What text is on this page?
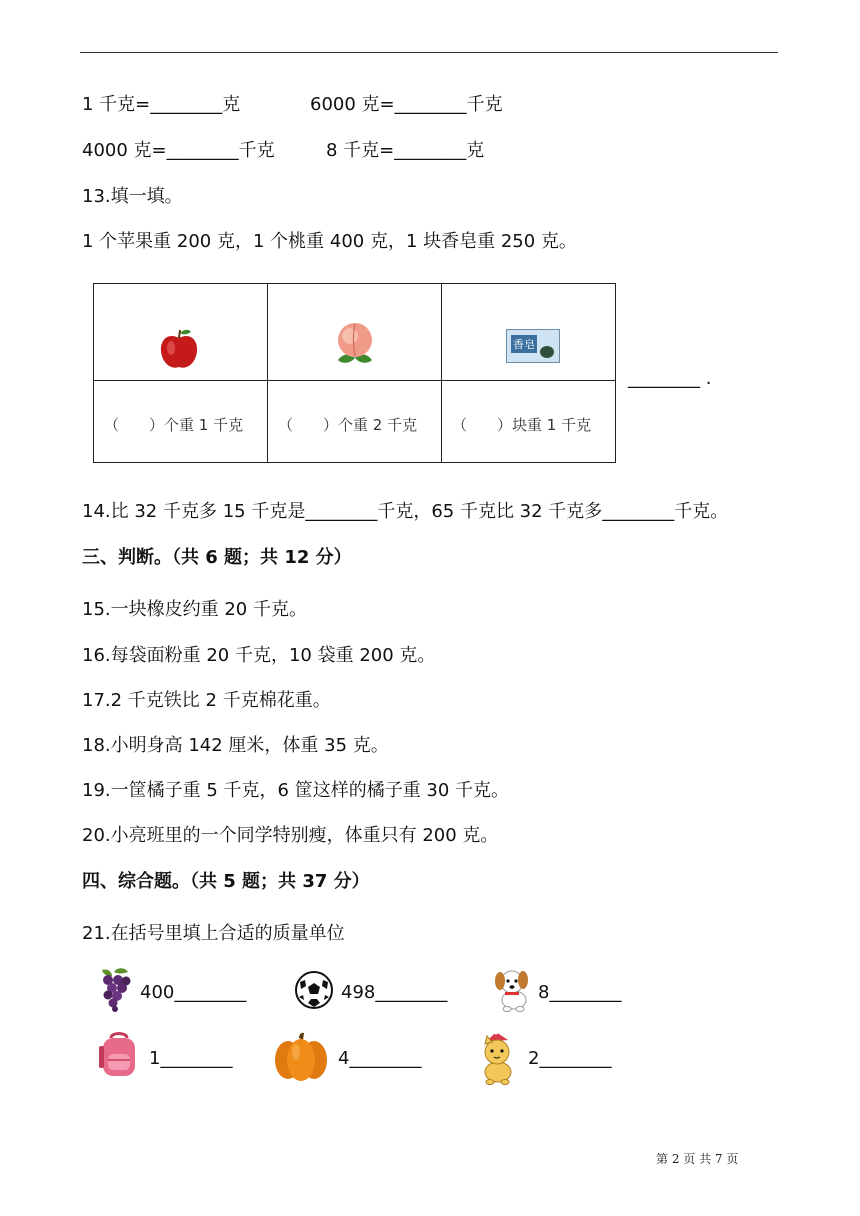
1 千克=________克	6000 克=________千克
4000 克=________千克	8 千克=________克
13.填一填。
1 个苹果重 200 克，1 个桃重 400 克，1 块香皂重 250 克。

香皂

（　　）个重 1 千克	（　　）个重 2 千克	（　　）块重 1 千克
________ .
14.比 32 千克多 15 千克是________千克，65 千克比 32 千克多________千克。
三、判断。（共 6 题；共 12 分）
15.一块橡皮约重 20 千克。
16.每袋面粉重 20 千克，10 袋重 200 克。
17.2 千克铁比 2 千克棉花重。
18.小明身高 142 厘米，体重 35 克。
19.一筐橘子重 5 千克，6 筐这样的橘子重 30 千克。
20.小亮班里的一个同学特别瘦，体重只有 200 克。
四、综合题。（共 5 题；共 37 分）
21.在括号里填上合适的质量单位
400________	498________	8________
1________	4________	2________
第 2 页 共 7 页
